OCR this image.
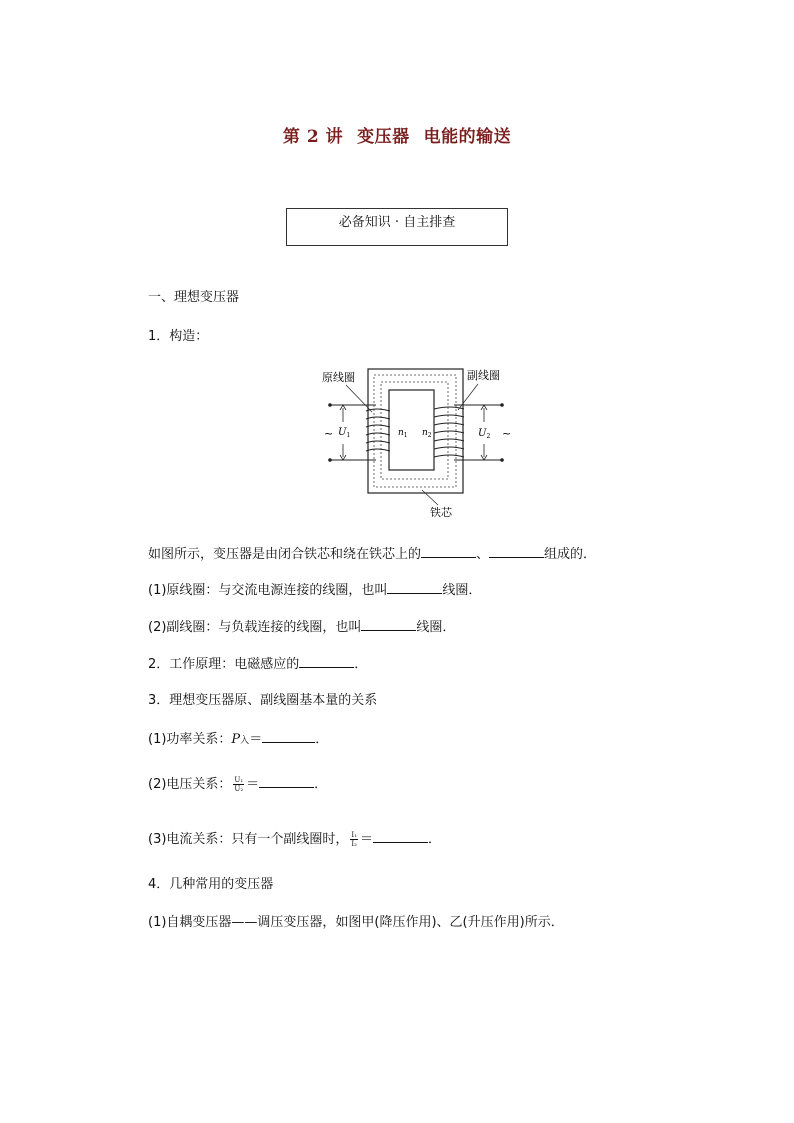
第 2 讲 变压器 电能的输送
必备知识 · 自主排查
一、理想变压器
1．构造：
~	~
$U_1$	$U_2$
$n_1$ $n_2$
原线圈	副线圈
铁芯
如图所示，变压器是由闭合铁芯和绕在铁芯上的	、	组成的．
(1)原线圈：与交流电源连接的线圈，也叫	线圈．
(2)副线圈：与负载连接的线圈，也叫	线圈．
2．工作原理：电磁感应的	．
3．理想变压器原、副线圈基本量的关系
(1)功率关系：P入＝	．
(2)电压关系： $\frac{\text{U₁}}{\text{U₂}}$ ＝	．
(3)电流关系：只有一个副线圈时， $\frac{\text{I₁}}{\text{I₂}}$ ＝	．
4．几种常用的变压器
(1)自耦变压器——调压变压器，如图甲(降压作用)、乙(升压作用)所示．
